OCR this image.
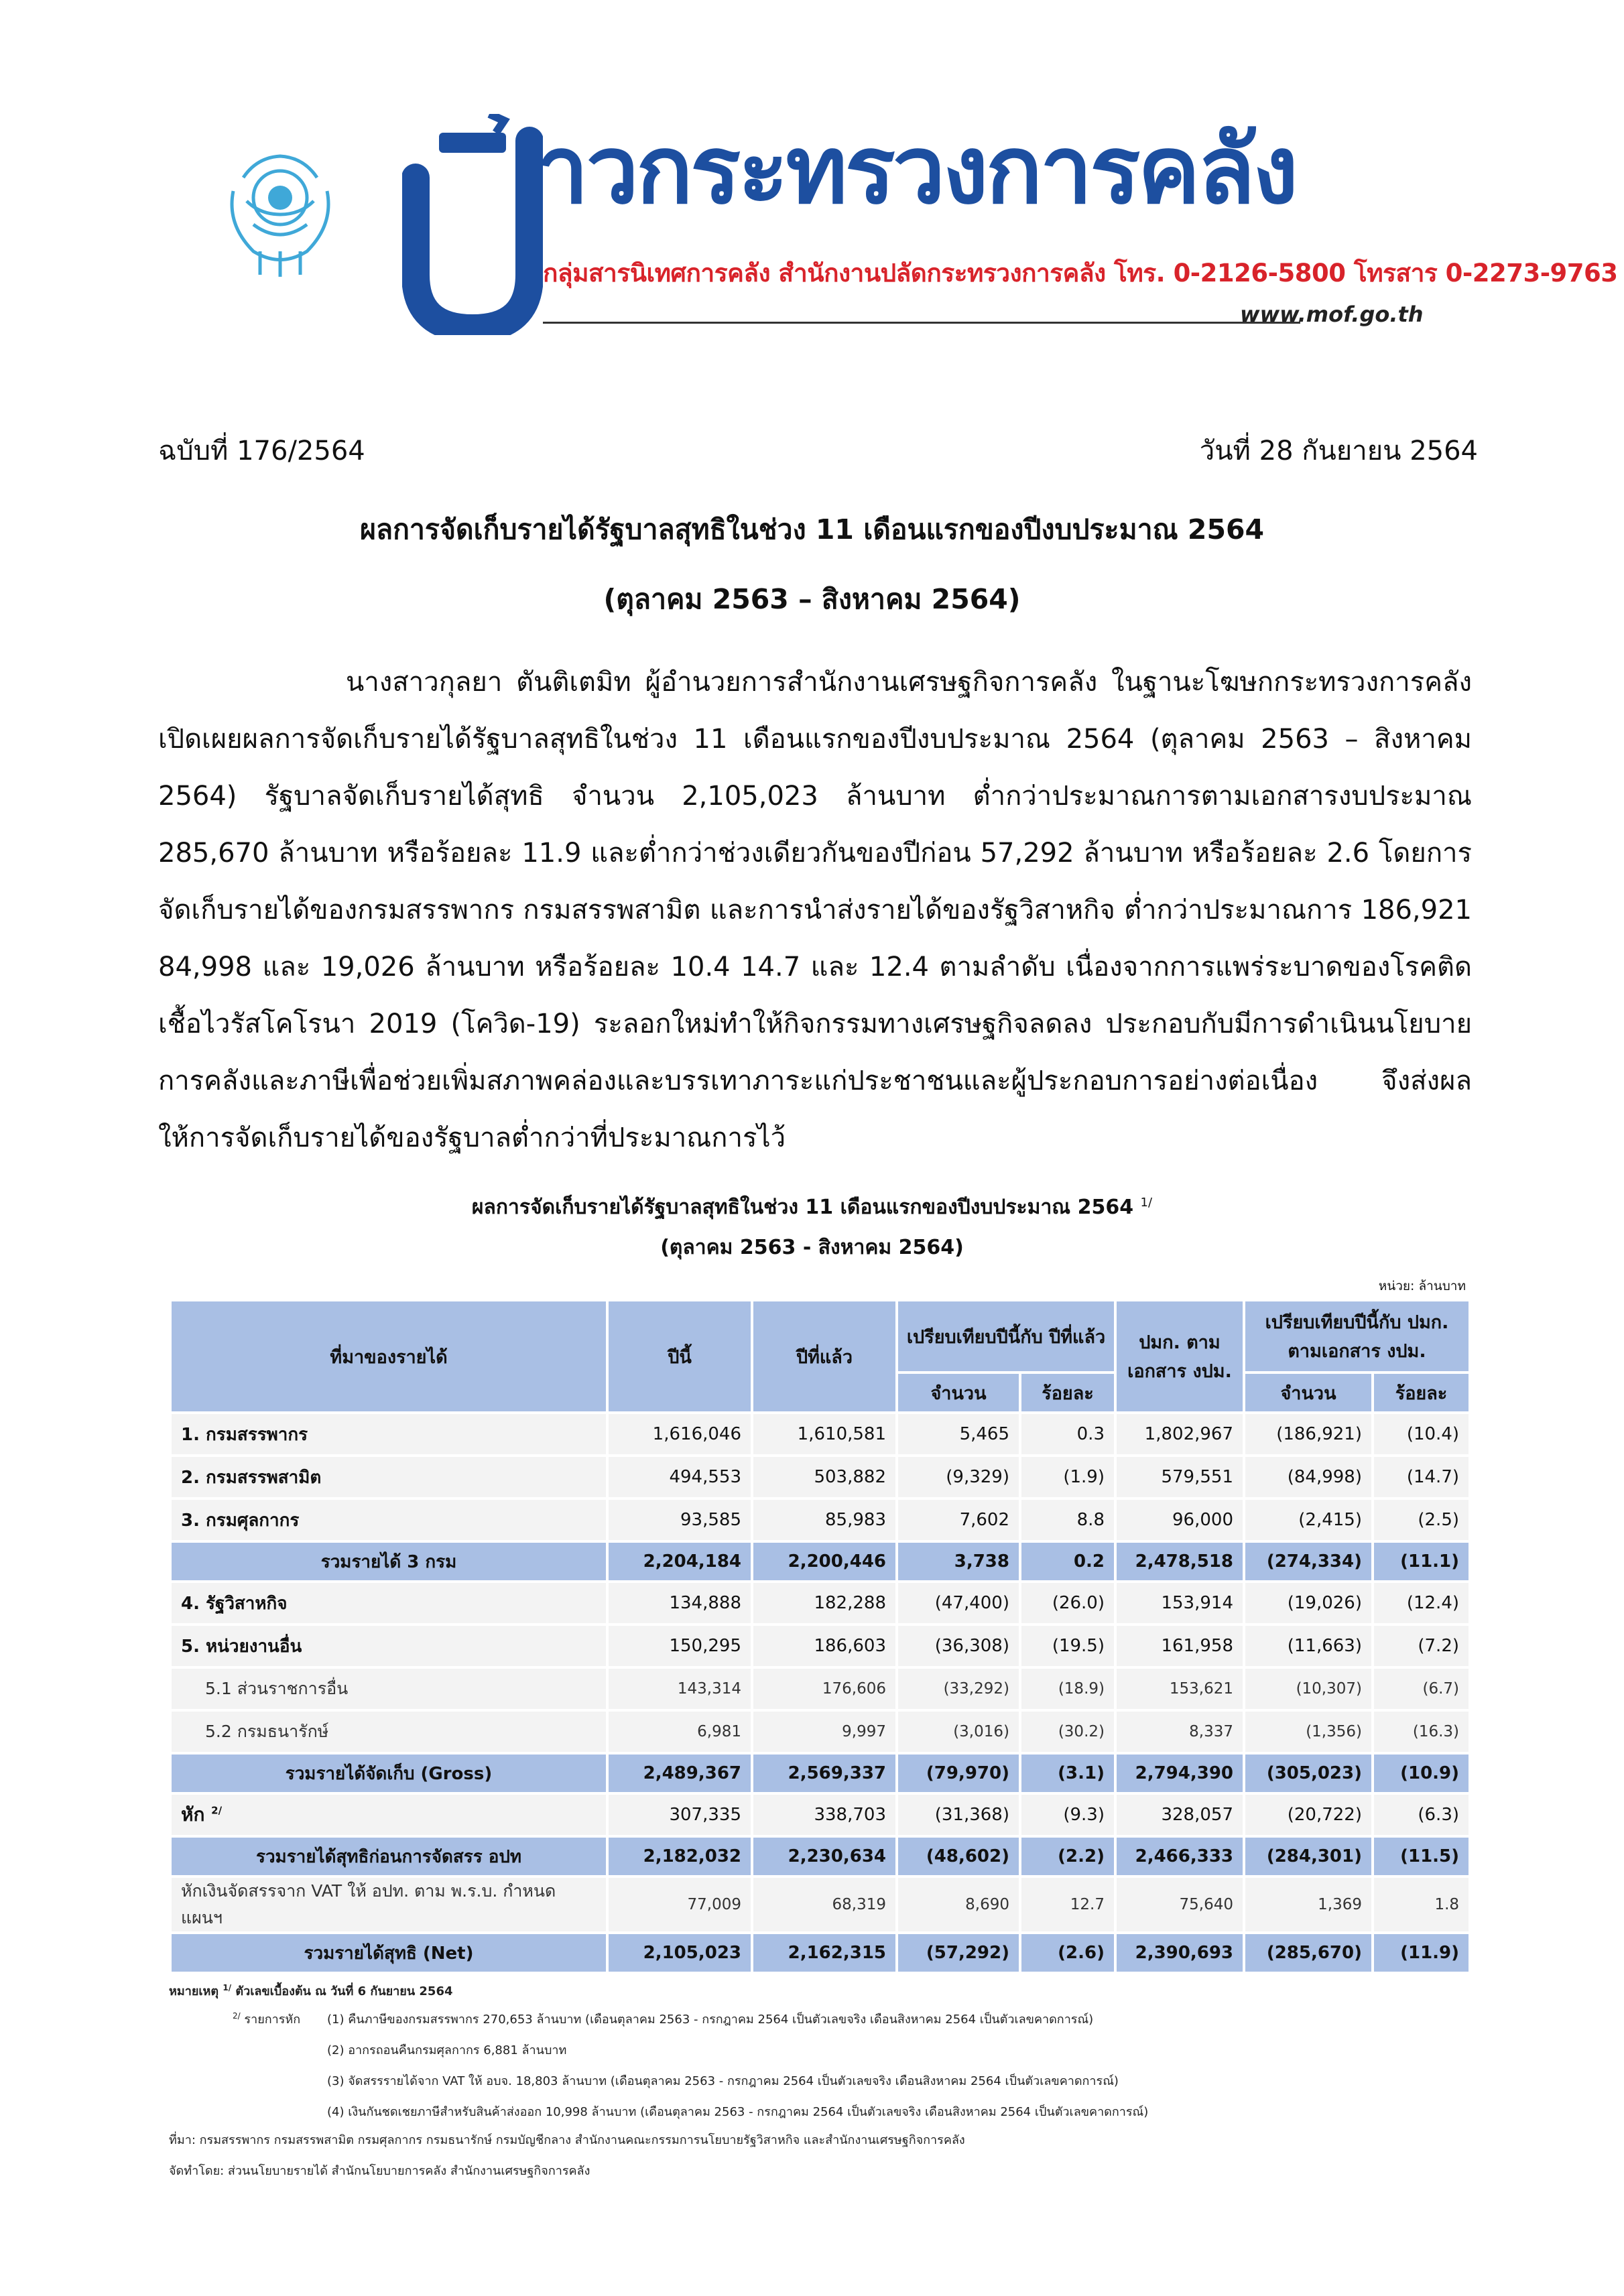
าวกระทรวงการคลัง
กลุ่มสารนิเทศการคลัง สำนักงานปลัดกระทรวงการคลัง โทร. 0-2126-5800 โทรสาร 0-2273-9763
www.mof.go.th
ฉบับที่ 176/2564	วันที่ 28 กันยายน 2564
ผลการจัดเก็บรายได้รัฐบาลสุทธิในช่วง 11 เดือนแรกของปีงบประมาณ 2564
(ตุลาคม 2563 – สิงหาคม 2564)

นางสาวกุลยา ตันติเตมิท ผู้อำนวยการสำนักงานเศรษฐกิจการคลัง ในฐานะโฆษกกระทรวงการคลัง เปิดเผยผลการจัดเก็บรายได้รัฐบาลสุทธิในช่วง 11 เดือนแรกของปีงบประมาณ 2564 (ตุลาคม 2563 – สิงหาคม 2564) รัฐบาลจัดเก็บรายได้สุทธิ จำนวน 2,105,023 ล้านบาท ต่ำกว่าประมาณการตามเอกสารงบประมาณ 285,670 ล้านบาท หรือร้อยละ 11.9 และต่ำกว่าช่วงเดียวกันของปีก่อน 57,292 ล้านบาท หรือร้อยละ 2.6 โดยการจัดเก็บรายได้ของกรมสรรพากร กรมสรรพสามิต และการนำส่งรายได้ของรัฐวิสาหกิจ ต่ำกว่าประมาณการ 186,921 84,998 และ 19,026 ล้านบาท หรือร้อยละ 10.4 14.7 และ 12.4 ตามลำดับ เนื่องจากการแพร่ระบาดของโรคติดเชื้อไวรัสโคโรนา 2019 (โควิด-19) ระลอกใหม่ทำให้กิจกรรมทางเศรษฐกิจลดลง ประกอบกับมีการดำเนินนโยบายการคลังและภาษีเพื่อช่วยเพิ่มสภาพคล่องและบรรเทาภาระแก่ประชาชนและผู้ประกอบการอย่างต่อเนื่อง จึงส่งผลให้การจัดเก็บรายได้ของรัฐบาลต่ำกว่าที่ประมาณการไว้

ผลการจัดเก็บรายได้รัฐบาลสุทธิในช่วง 11 เดือนแรกของปีงบประมาณ 2564 $^{1/}$
(ตุลาคม 2563 - สิงหาคม 2564)
หน่วย: ล้านบาท
ที่มาของรายได้	ปีนี้	ปีที่แล้ว	เปรียบเทียบปีนี้กับ ปีที่แล้ว		ปมก. ตาม เอกสาร งปม.	เปรียบเทียบปีนี้กับ ปมก. ตามเอกสาร งปม.	
			จำนวน	ร้อยละ		จำนวน	ร้อยละ
1. กรมสรรพากร	1,616,046	1,610,581	5,465	0.3	1,802,967	(186,921)	(10.4)
2. กรมสรรพสามิต	494,553	503,882	(9,329)	(1.9)	579,551	(84,998)	(14.7)
3. กรมศุลกากร	93,585	85,983	7,602	8.8	96,000	(2,415)	(2.5)
รวมรายได้ 3 กรม	2,204,184	2,200,446	3,738	0.2	2,478,518	(274,334)	(11.1)
4. รัฐวิสาหกิจ	134,888	182,288	(47,400)	(26.0)	153,914	(19,026)	(12.4)
5. หน่วยงานอื่น	150,295	186,603	(36,308)	(19.5)	161,958	(11,663)	(7.2)
5.1 ส่วนราชการอื่น	143,314	176,606	(33,292)	(18.9)	153,621	(10,307)	(6.7)
5.2 กรมธนารักษ์	6,981	9,997	(3,016)	(30.2)	8,337	(1,356)	(16.3)
รวมรายได้จัดเก็บ (Gross)	2,489,367	2,569,337	(79,970)	(3.1)	2,794,390	(305,023)	(10.9)
หัก $^{2/}$	307,335	338,703	(31,368)	(9.3)	328,057	(20,722)	(6.3)
รวมรายได้สุทธิก่อนการจัดสรร อปท	2,182,032	2,230,634	(48,602)	(2.2)	2,466,333	(284,301)	(11.5)
หักเงินจัดสรรจาก VAT ให้ อปท. ตาม พ.ร.บ. กำหนดแผนฯ	77,009	68,319	8,690	12.7	75,640	1,369	1.8
รวมรายได้สุทธิ (Net)	2,105,023	2,162,315	(57,292)	(2.6)	2,390,693	(285,670)	(11.9)
หมายเหตุ $^{1/}$ ตัวเลขเบื้องต้น ณ วันที่ 6 กันยายน 2564
$^{2/}$ รายการหัก (1) คืนภาษีของกรมสรรพากร 270,653 ล้านบาท (เดือนตุลาคม 2563 - กรกฎาคม 2564 เป็นตัวเลขจริง เดือนสิงหาคม 2564 เป็นตัวเลขคาดการณ์)
(2) อากรถอนคืนกรมศุลกากร 6,881 ล้านบาท
(3) จัดสรรรายได้จาก VAT ให้ อบจ. 18,803 ล้านบาท (เดือนตุลาคม 2563 - กรกฎาคม 2564 เป็นตัวเลขจริง เดือนสิงหาคม 2564 เป็นตัวเลขคาดการณ์)
(4) เงินกันชดเชยภาษีสำหรับสินค้าส่งออก 10,998 ล้านบาท (เดือนตุลาคม 2563 - กรกฎาคม 2564 เป็นตัวเลขจริง เดือนสิงหาคม 2564 เป็นตัวเลขคาดการณ์)
ที่มา: กรมสรรพากร กรมสรรพสามิต กรมศุลกากร กรมธนารักษ์ กรมบัญชีกลาง สำนักงานคณะกรรมการนโยบายรัฐวิสาหกิจ และสำนักงานเศรษฐกิจการคลัง
จัดทำโดย: ส่วนนโยบายรายได้ สำนักนโยบายการคลัง สำนักงานเศรษฐกิจการคลัง
